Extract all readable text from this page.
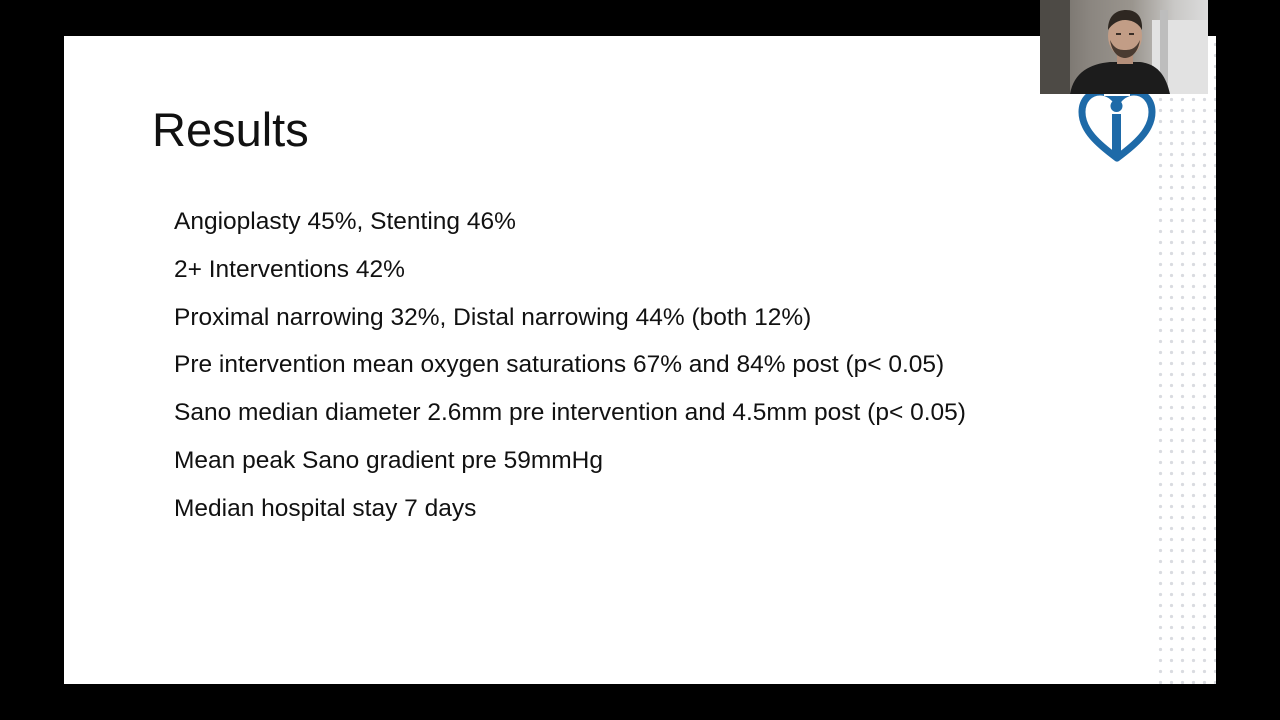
Results
Angioplasty 45%, Stenting 46%
2+ Interventions 42%
Proximal narrowing 32%, Distal narrowing 44% (both 12%)
Pre intervention mean oxygen saturations 67% and 84% post (p< 0.05)
Sano median diameter 2.6mm pre intervention and 4.5mm post (p< 0.05)
Mean peak Sano gradient pre 59mmHg
Median hospital stay 7 days
